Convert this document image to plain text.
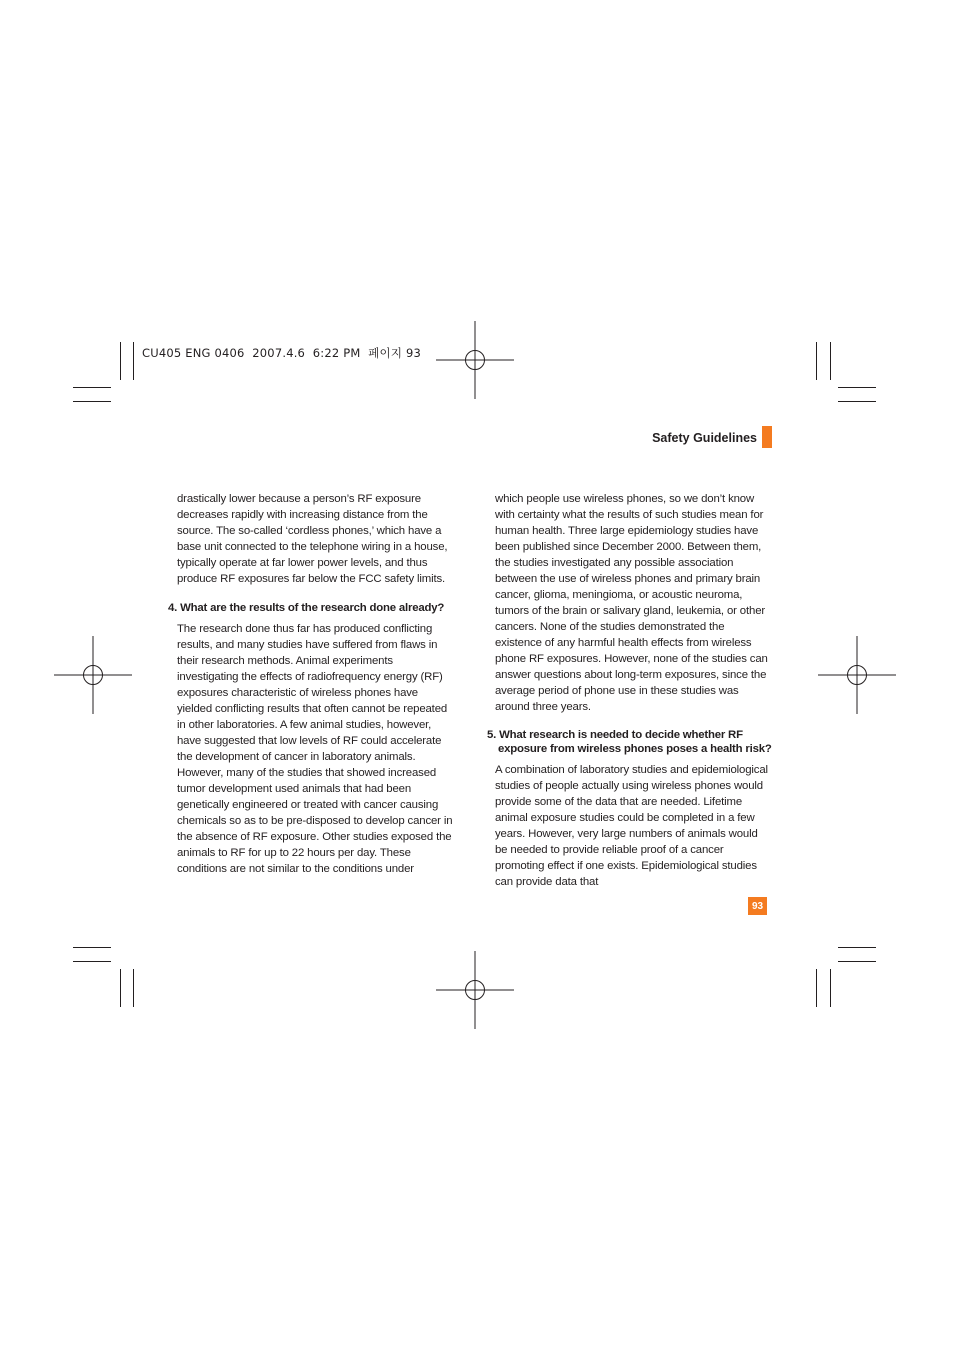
CU405 ENG 0406  2007.4.6  6:22 PM  페이지 93
Safety Guidelines

drastically lower because a person’s RF exposure decreases rapidly with increasing distance from the source. The so-called ‘cordless phones,’ which have a base unit connected to the telephone wiring in a house, typically operate at far lower power levels, and thus produce RF exposures far below the FCC safety limits.

4. What are the results of the research done already?

The research done thus far has produced conflicting results, and many studies have suffered from flaws in their research methods. Animal experiments investigating the effects of radiofrequency energy (RF) exposures characteristic of wireless phones have yielded conflicting results that often cannot be repeated in other laboratories. A few animal studies, however, have suggested that low levels of RF could accelerate the development of cancer in laboratory animals. However, many of the studies that showed increased tumor development used animals that had been genetically engineered or treated with cancer causing chemicals so as to be pre-disposed to develop cancer in the absence of RF exposure. Other studies exposed the animals to RF for up to 22 hours per day. These conditions are not similar to the conditions under

which people use wireless phones, so we don’t know with certainty what the results of such studies mean for human health. Three large epidemiology studies have been published since December 2000. Between them, the studies investigated any possible association between the use of wireless phones and primary brain cancer, glioma, meningioma, or acoustic neuroma, tumors of the brain or salivary gland, leukemia, or other cancers. None of the studies demonstrated the existence of any harmful health effects from wireless phone RF exposures. However, none of the studies can answer questions about long-term exposures, since the average period of phone use in these studies was around three years.

5. What research is needed to decide whether RF
exposure from wireless phones poses a health risk?

A combination of laboratory studies and epidemiological studies of people actually using wireless phones would provide some of the data that are needed. Lifetime animal exposure studies could be completed in a few years. However, very large numbers of animals would be needed to provide reliable proof of a cancer promoting effect if one exists. Epidemiological studies can provide data that

93
